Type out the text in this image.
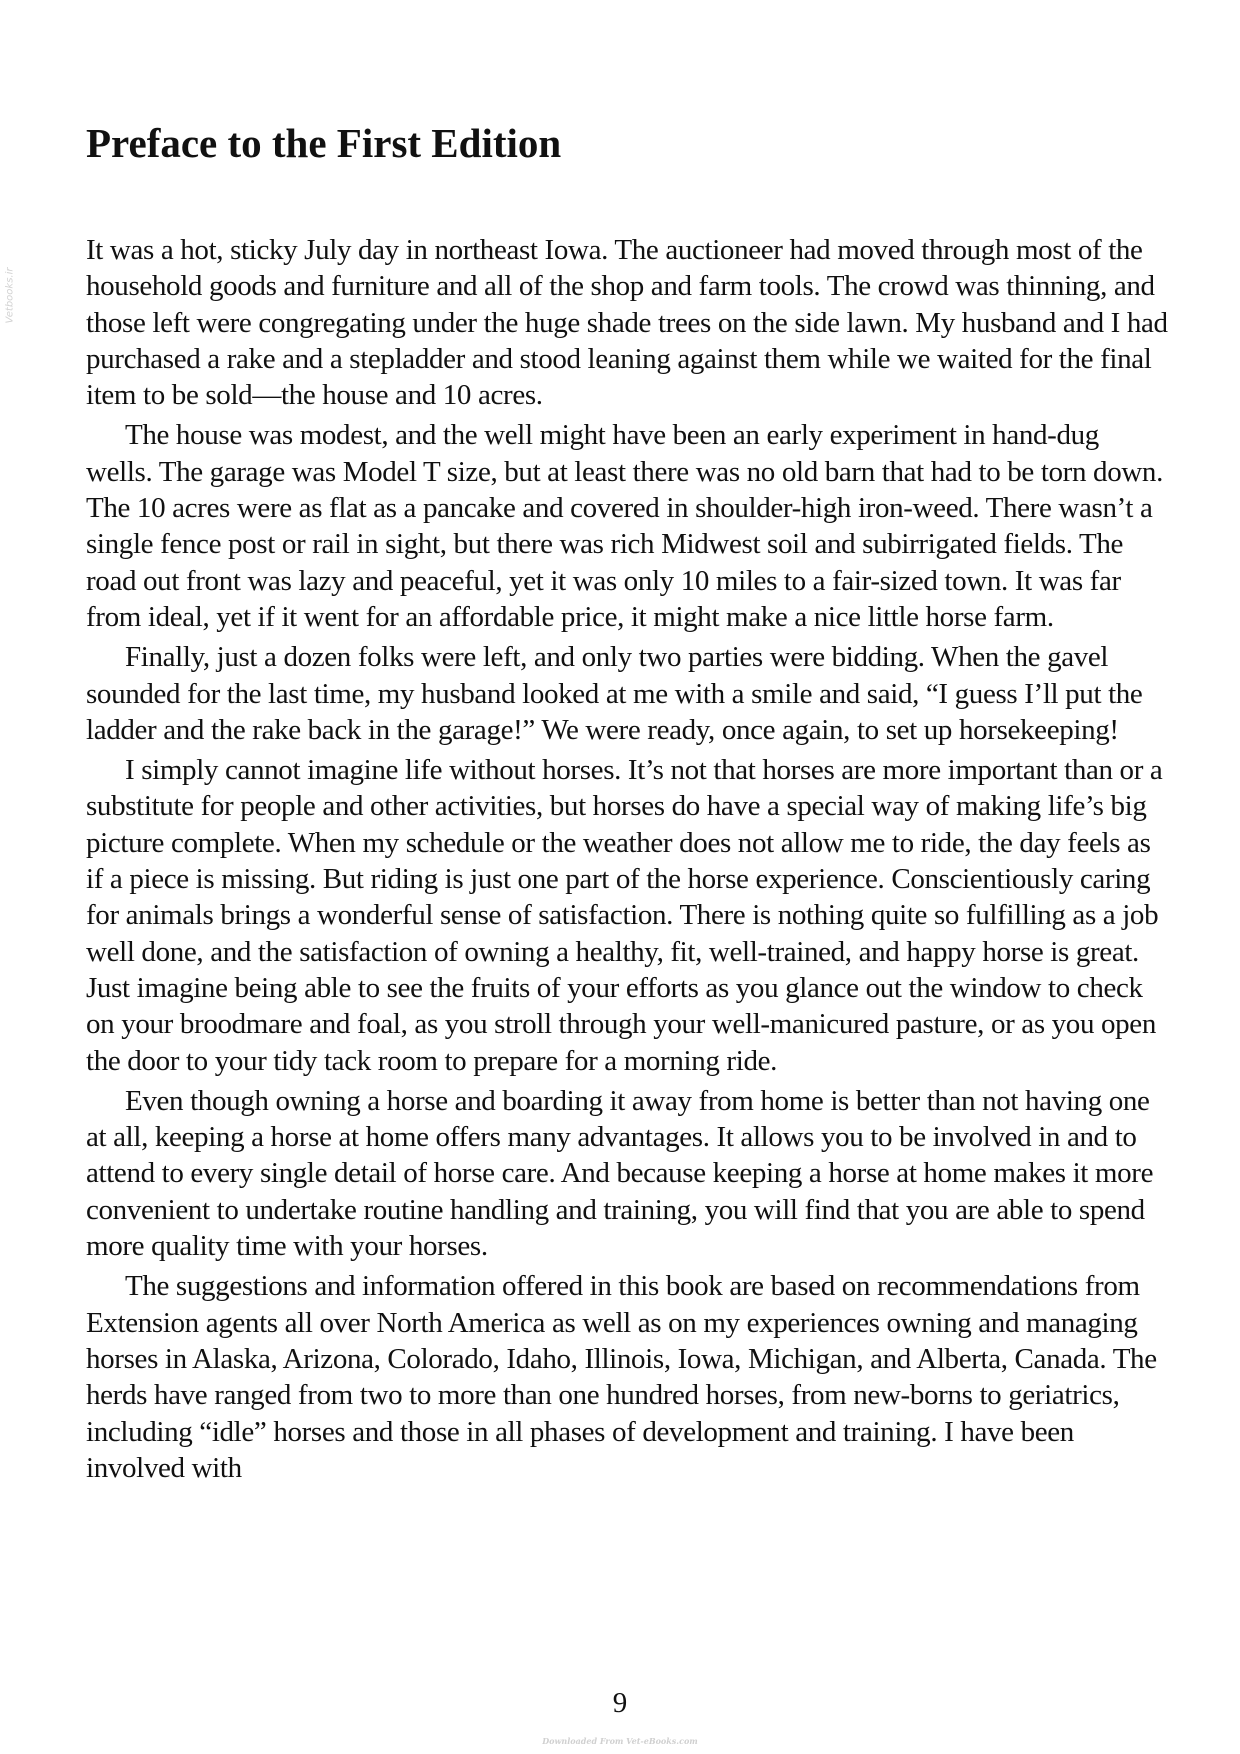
Vetbooks.ir
Preface to the First Edition

It was a hot, sticky July day in northeast Iowa. The auctioneer had moved through most of the household goods and furniture and all of the shop and farm tools. The crowd was thinning, and those left were congregating under the huge shade trees on the side lawn. My husband and I had purchased a rake and a stepladder and stood leaning against them while we waited for the final item to be sold—the house and 10 acres.

The house was modest, and the well might have been an early experiment in hand-dug wells. The garage was Model T size, but at least there was no old barn that had to be torn down. The 10 acres were as flat as a pancake and covered in shoulder-high iron-weed. There wasn’t a single fence post or rail in sight, but there was rich Midwest soil and subirrigated fields. The road out front was lazy and peaceful, yet it was only 10 miles to a fair-sized town. It was far from ideal, yet if it went for an affordable price, it might make a nice little horse farm.

Finally, just a dozen folks were left, and only two parties were bidding. When the gavel sounded for the last time, my husband looked at me with a smile and said, “I guess I’ll put the ladder and the rake back in the garage!” We were ready, once again, to set up horsekeeping!

I simply cannot imagine life without horses. It’s not that horses are more important than or a substitute for people and other activities, but horses do have a special way of making life’s big picture complete. When my schedule or the weather does not allow me to ride, the day feels as if a piece is missing. But riding is just one part of the horse experience. Conscientiously caring for animals brings a wonderful sense of satisfaction. There is nothing quite so fulfilling as a job well done, and the satisfaction of owning a healthy, fit, well-trained, and happy horse is great. Just imagine being able to see the fruits of your efforts as you glance out the window to check on your broodmare and foal, as you stroll through your well-manicured pasture, or as you open the door to your tidy tack room to prepare for a morning ride.

Even though owning a horse and boarding it away from home is better than not having one at all, keeping a horse at home offers many advantages. It allows you to be involved in and to attend to every single detail of horse care. And because keeping a horse at home makes it more convenient to undertake routine handling and training, you will find that you are able to spend more quality time with your horses.

The suggestions and information offered in this book are based on recommendations from Extension agents all over North America as well as on my experiences owning and managing horses in Alaska, Arizona, Colorado, Idaho, Illinois, Iowa, Michigan, and Alberta, Canada. The herds have ranged from two to more than one hundred horses, from new-borns to geriatrics, including “idle” horses and those in all phases of development and training. I have been involved with

9
Downloaded From Vet-eBooks.com
